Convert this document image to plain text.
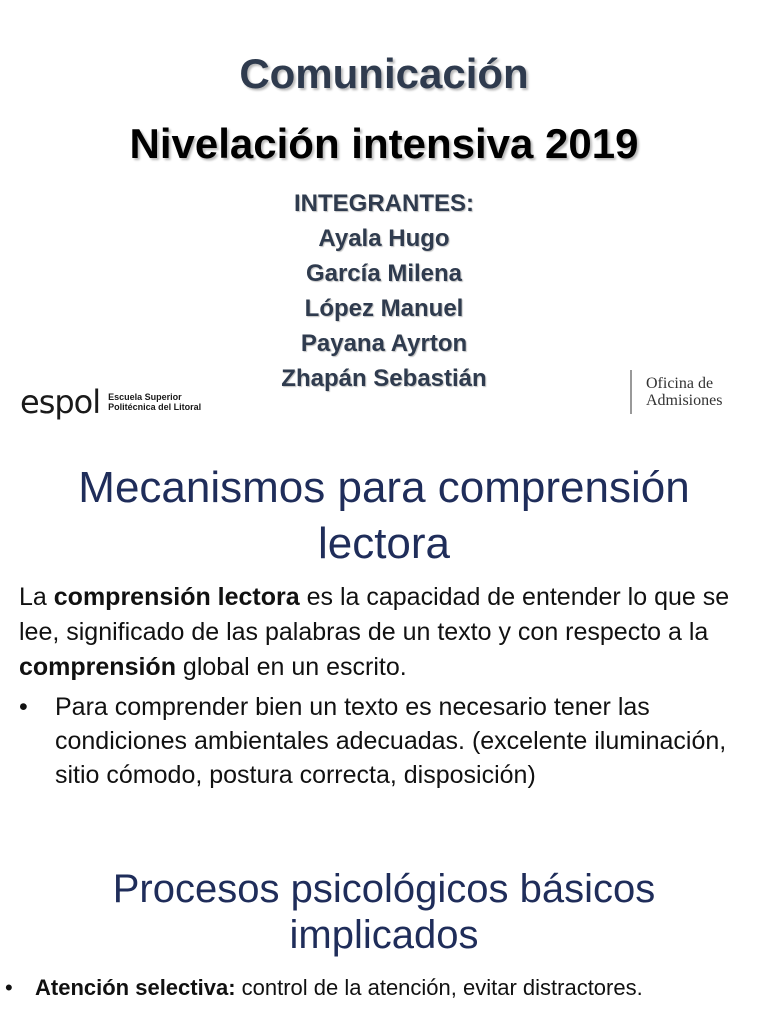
Comunicación
Nivelación intensiva 2019
INTEGRANTES:
Ayala Hugo
García Milena
López Manuel
Payana Ayrton
Zhapán Sebastián
espol Escuela Superior
Politécnica del Litoral
Oficina de
Admisiones
Mecanismos para comprensión
lectora
La comprensión lectora es la capacidad de entender lo que se lee, significado de las palabras de un texto y con respecto a la comprensión global en un escrito.
•	Para comprender bien un texto es necesario tener las condiciones ambientales adecuadas. (excelente iluminación, sitio cómodo, postura correcta, disposición)
Procesos psicológicos básicos
implicados
•	Atención selectiva: control de la atención, evitar distractores.
